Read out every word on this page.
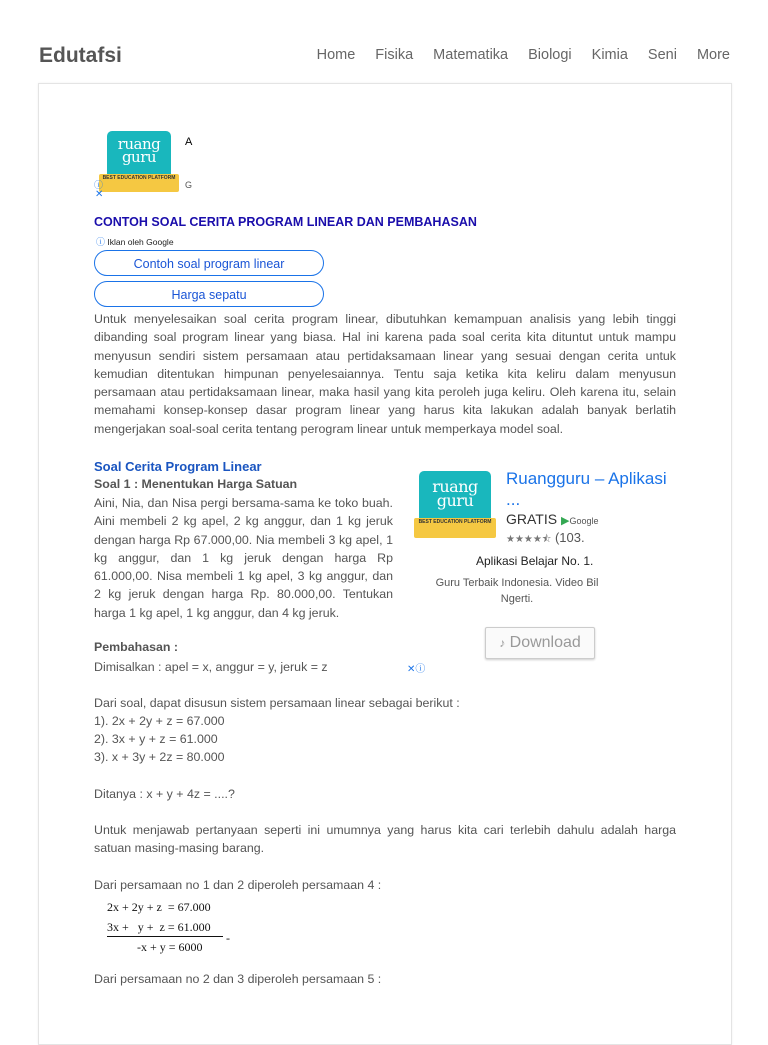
Edutafsi	Home Fisika Matematika Biologi Kimia Seni More
ruang
guru
BEST EDUCATION PLATFORM
A
G
ⓘ
✕
CONTOH SOAL CERITA PROGRAM LINEAR DAN PEMBAHASAN
ⓘ Iklan oleh Google
Contoh soal program linear
Harga sepatu
Untuk menyelesaikan soal cerita program linear, dibutuhkan kemampuan analisis yang lebih tinggi dibanding soal program linear yang biasa. Hal ini karena pada soal cerita kita dituntut untuk mampu menyusun sendiri sistem persamaan atau pertidaksamaan linear yang sesuai dengan cerita untuk kemudian ditentukan himpunan penyelesaiannya. Tentu saja ketika kita keliru dalam menyusun persamaan atau pertidaksamaan linear, maka hasil yang kita peroleh juga keliru. Oleh karena itu, selain memahami konsep-konsep dasar program linear yang harus kita lakukan adalah banyak berlatih mengerjakan soal-soal cerita tentang perogram linear untuk memperkaya model soal.
Soal Cerita Program Linear
Soal 1 : Menentukan Harga Satuan
Aini, Nia, dan Nisa pergi bersama-sama ke toko buah. Aini membeli 2 kg apel, 2 kg anggur, dan 1 kg jeruk dengan harga Rp 67.000,00. Nia membeli 3 kg apel, 1 kg anggur, dan 1 kg jeruk dengan harga Rp 61.000,00. Nisa membeli 1 kg apel, 3 kg anggur, dan 2 kg jeruk dengan harga Rp. 80.000,00. Tentukan harga 1 kg apel, 1 kg anggur, dan 4 kg jeruk.
ruang
guru
BEST EDUCATION PLATFORM
Ruangguru – Aplikasi ...
GRATIS ▶Google
★★★★⯪ (103.
Aplikasi Belajar No. 1.
Guru Terbaik Indonesia. Video Bil Ngerti.
♪ Download
✕ⓘ
Pembahasan :
Dimisalkan : apel = x, anggur = y, jeruk = z
Dari soal, dapat disusun sistem persamaan linear sebagai berikut :
1). 2x + 2y + z = 67.000
2). 3x + y + z = 61.000
3). x + 3y + 2z = 80.000
Ditanya : x + y + 4z = ....?
Untuk menjawab pertanyaan seperti ini umumnya yang harus kita cari terlebih dahulu adalah harga satuan masing-masing barang.
Dari persamaan no 1 dan 2 diperoleh persamaan 4 :
2x + 2y + z  = 67.000
3x +   y +  z = 61.000
-
-x + y = 6000
Dari persamaan no 2 dan 3 diperoleh persamaan 5 :
